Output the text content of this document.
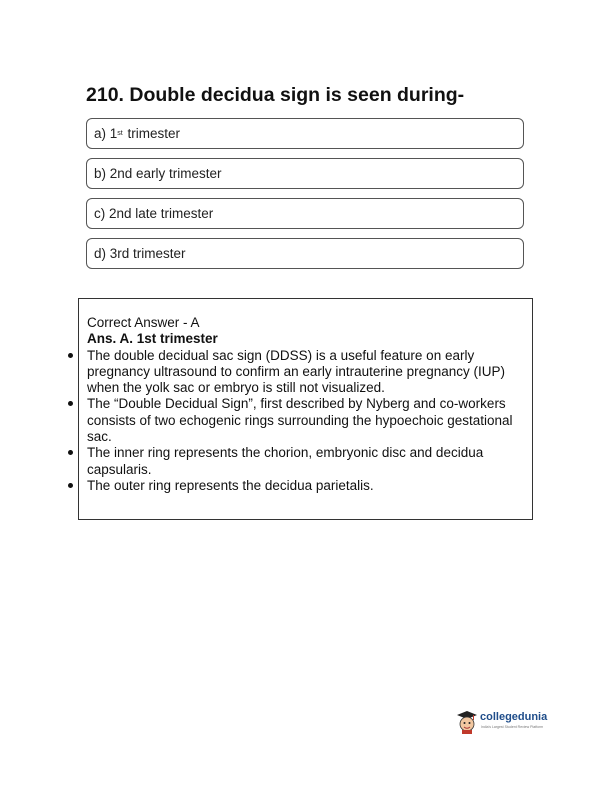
210. Double decidua sign is seen during-
a) 1st trimester
b) 2nd early trimester
c) 2nd late trimester
d) 3rd trimester

Correct Answer - A

Ans. A. 1st trimester

The double decidual sac sign (DDSS) is a useful feature on early pregnancy ultrasound to confirm an early intrauterine pregnancy (IUP) when the yolk sac or embryo is still not visualized.
The “Double Decidual Sign”, first described by Nyberg and co-workers consists of two echogenic rings surrounding the hypoechoic gestational sac.
The inner ring represents the chorion, embryonic disc and decidua capsularis.
The outer ring represents the decidua parietalis.
collegedunia
India's Largest Student Review Platform
